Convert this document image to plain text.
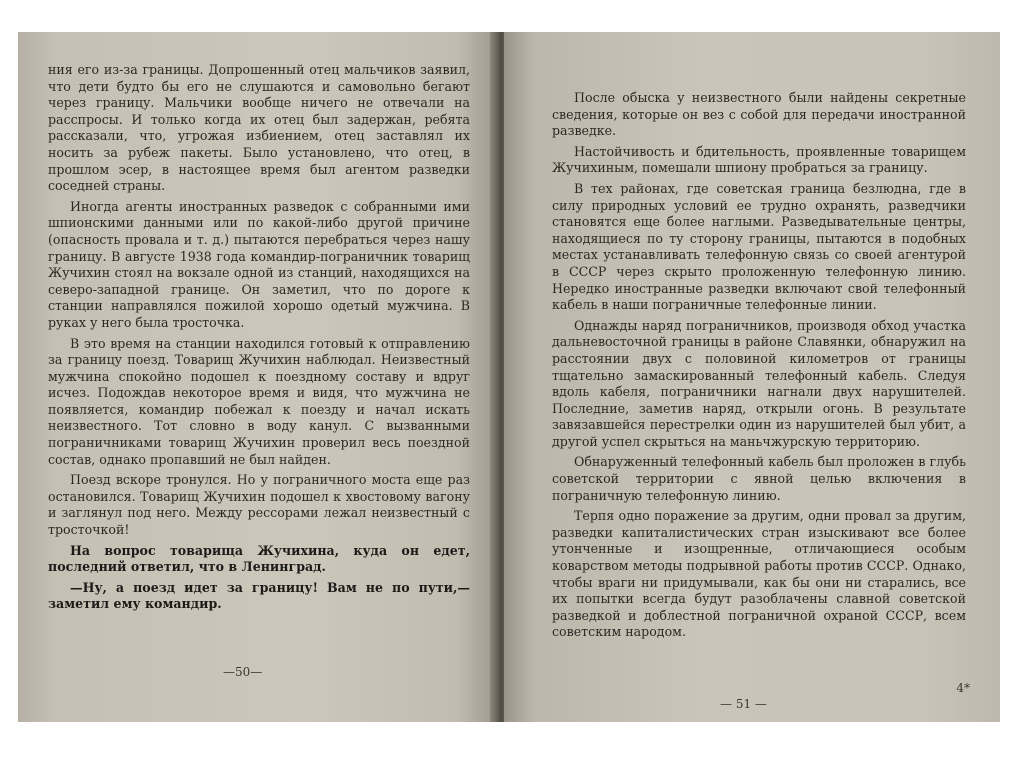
ния его из-за границы. Допрошенный отец мальчиков заявил, что дети будто бы его не слушаются и самовольно бегают через границу. Мальчики вообще ничего не отвечали на расспросы. И только когда их отец был задержан, ребята рассказали, что, угрожая избиением, отец заставлял их носить за рубеж пакеты. Было установлено, что отец, в прошлом эсер, в настоящее время был агентом разведки соседней страны.

Иногда агенты иностранных разведок с собранными ими шпионскими данными или по какой-либо другой причине (опасность провала и т. д.) пытаются перебраться через нашу границу. В августе 1938 года командир-пограничник товарищ Жучихин стоял на вокзале одной из станций, находящихся на северо-западной границе. Он заметил, что по дороге к станции направлялся пожилой хорошо одетый мужчина. В руках у него была тросточка.

В это время на станции находился готовый к отправлению за границу поезд. Товарищ Жучихин наблюдал. Неизвестный мужчина спокойно подошел к поездному составу и вдруг исчез. Подождав некоторое время и видя, что мужчина не появляется, командир побежал к поезду и начал искать неизвестного. Тот словно в воду канул. С вызванными пограничниками товарищ Жучихин проверил весь поездной состав, однако пропавший не был найден.

Поезд вскоре тронулся. Но у пограничного моста еще раз остановился. Товарищ Жучихин подошел к хвостовому вагону и заглянул под него. Между рессорами лежал неизвестный с тросточкой!

На вопрос товарища Жучихина, куда он едет, последний ответил, что в Ленинград.

—Ну, а поезд идет за границу! Вам не по пути,— заметил ему командир.

—50—

После обыска у неизвестного были найдены секретные сведения, которые он вез с собой для передачи иностранной разведке.

Настойчивость и бдительность, проявленные товарищем Жучихиным, помешали шпиону пробраться за границу.

В тех районах, где советская граница безлюдна, где в силу природных условий ее трудно охранять, разведчики становятся еще более наглыми. Разведывательные центры, находящиеся по ту сторону границы, пытаются в подобных местах устанавливать телефонную связь со своей агентурой в СССР через скрыто проложенную телефонную линию. Нередко иностранные разведки включают свой телефонный кабель в наши пограничные телефонные линии.

Однажды наряд пограничников, производя обход участка дальневосточной границы в районе Славянки, обнаружил на расстоянии двух с половиной километров от границы тщательно замаскированный телефонный кабель. Следуя вдоль кабеля, пограничники нагнали двух нарушителей. Последние, заметив наряд, открыли огонь. В результате завязавшейся перестрелки один из нарушителей был убит, а другой успел скрыться на маньчжурскую территорию.

Обнаруженный телефонный кабель был проложен в глубь советской территории с явной целью включения в пограничную телефонную линию.

Терпя одно поражение за другим, одни провал за другим, разведки капиталистических стран изыскивают все более утонченные и изощренные, отличающиеся особым коварством методы подрывной работы против СССР. Однако, чтобы враги ни придумывали, как бы они ни старались, все их попытки всегда будут разоблачены славной советской разведкой и доблестной пограничной охраной СССР, всем советским народом.

— 51 —
4*
